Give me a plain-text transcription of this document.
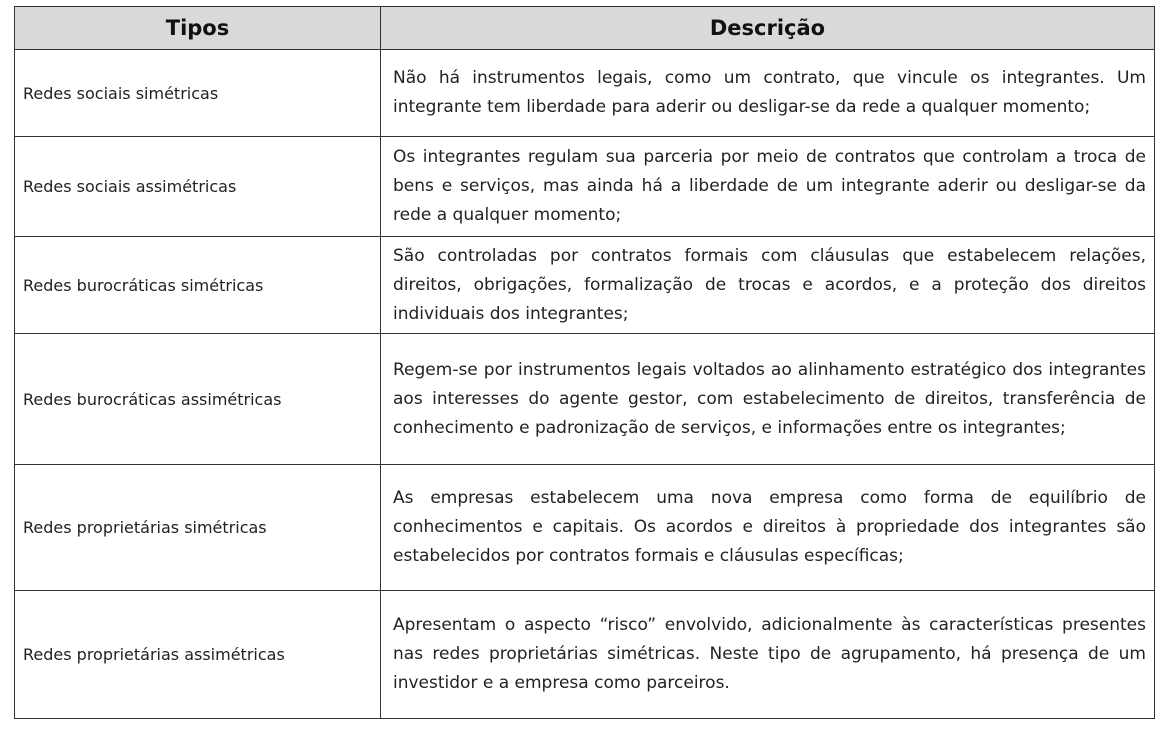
Tipos	Descrição
Redes sociais simétricas	Não há instrumentos legais, como um contrato, que vincule os integrantes. Um integrante tem liberdade para aderir ou desligar-se da rede a qualquer momento;
Redes sociais assimétricas	Os integrantes regulam sua parceria por meio de contratos que controlam a troca de bens e serviços, mas ainda há a liberdade de um integrante aderir ou desligar-se da rede a qualquer momento;
Redes burocráticas simétricas	São controladas por contratos formais com cláusulas que estabelecem relações, direitos, obrigações, formalização de trocas e acordos, e a proteção dos direitos individuais dos integrantes;
Redes burocráticas assimétricas	Regem-se por instrumentos legais voltados ao alinhamento estratégico dos integrantes aos interesses do agente gestor, com estabelecimento de direitos, transferência de conhecimento e padronização de serviços, e informações entre os integrantes;
Redes proprietárias simétricas	As empresas estabelecem uma nova empresa como forma de equilíbrio de conhecimentos e capitais. Os acordos e direitos à propriedade dos integrantes são estabelecidos por contratos formais e cláusulas específicas;
Redes proprietárias assimétricas	Apresentam o aspecto “risco” envolvido, adicionalmente às características presentes nas redes proprietárias simétricas. Neste tipo de agrupamento, há presença de um investidor e a empresa como parceiros.
